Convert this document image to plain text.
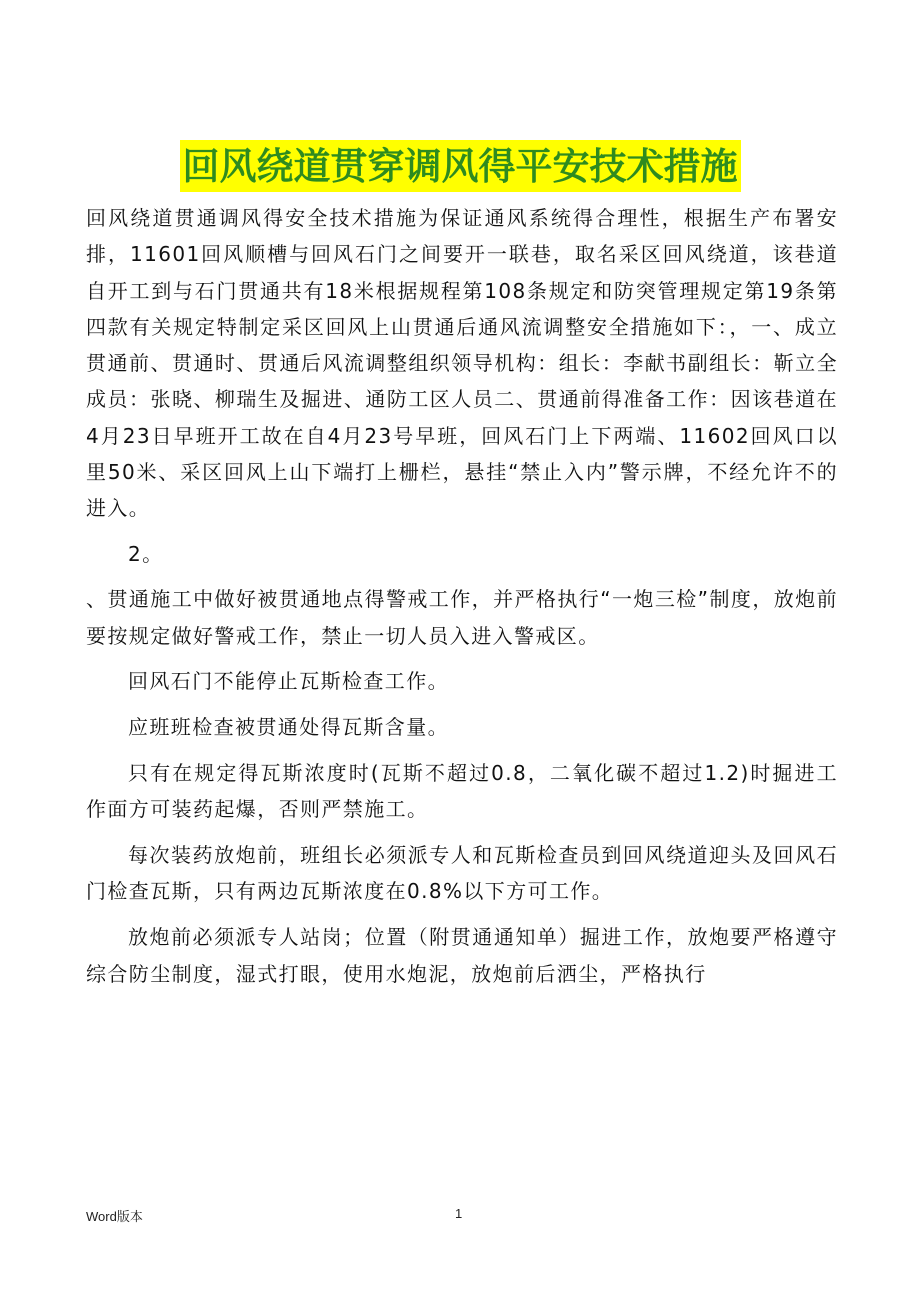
回风绕道贯穿调风得平安技术措施

回风绕道贯通调风得安全技术措施为保证通风系统得合理性，根据生产布署安排，11601回风顺槽与回风石门之间要开一联巷，取名采区回风绕道，该巷道自开工到与石门贯通共有18米根据规程第108条规定和防突管理规定第19条第四款有关规定特制定采区回风上山贯通后通风流调整安全措施如下：，一、成立贯通前、贯通时、贯通后风流调整组织领导机构：组长：李献书副组长：靳立全成员：张晓、柳瑞生及掘进、通防工区人员二、贯通前得准备工作：因该巷道在4月23日早班开工故在自4月23号早班，回风石门上下两端、11602回风口以里50米、采区回风上山下端打上栅栏，悬挂“禁止入内”警示牌，不经允许不的进入。

2。

、贯通施工中做好被贯通地点得警戒工作，并严格执行“一炮三检”制度，放炮前要按规定做好警戒工作，禁止一切人员入进入警戒区。

回风石门不能停止瓦斯检查工作。

应班班检查被贯通处得瓦斯含量。

只有在规定得瓦斯浓度时(瓦斯不超过0.8，二氧化碳不超过1.2)时掘进工作面方可装药起爆，否则严禁施工。

每次装药放炮前，班组长必须派专人和瓦斯检查员到回风绕道迎头及回风石门检查瓦斯，只有两边瓦斯浓度在0.8%以下方可工作。

放炮前必须派专人站岗；位置（附贯通通知单）掘进工作，放炮要严格遵守综合防尘制度，湿式打眼，使用水炮泥，放炮前后洒尘，严格执行

Word版本	1
